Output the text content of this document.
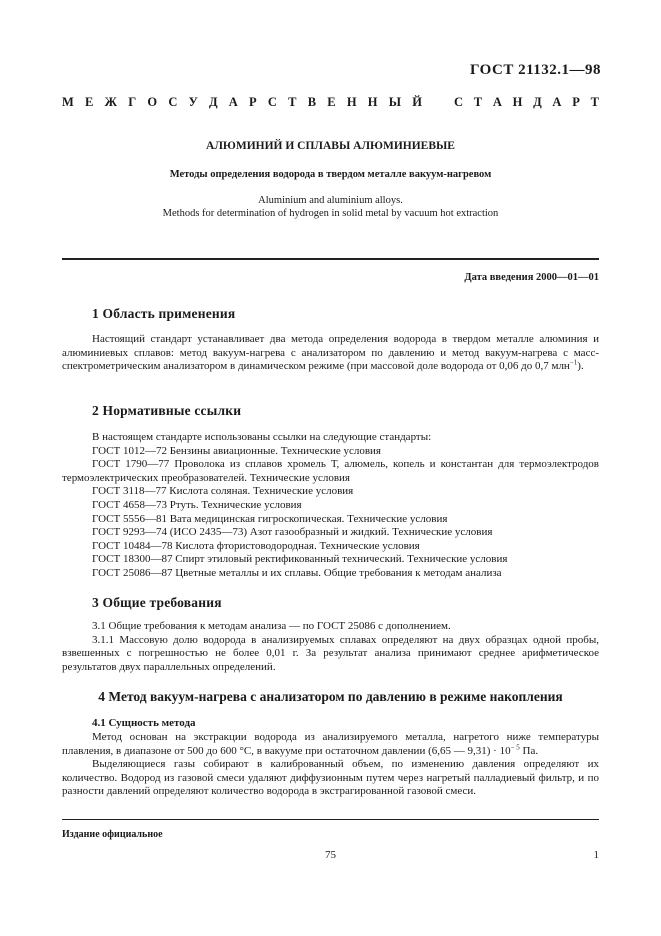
ГОСТ 21132.1—98
М Е Ж Г О С У Д А Р С Т В Е Н Н Ы Й	С Т А Н Д А Р Т
АЛЮМИНИЙ И СПЛАВЫ АЛЮМИНИЕВЫЕ
Методы определения водорода в твердом металле вакуум-нагревом
Aluminium and aluminium alloys.
Methods for determination of hydrogen in solid metal by vacuum hot extraction
Дата введения 2000—01—01
1 Область применения

Настоящий стандарт устанавливает два метода определения водорода в твердом металле алюминия и алюминиевых сплавов: метод вакуум-нагрева с анализатором по давлению и метод вакуум-нагрева с масс-спектрометрическим анализатором в динамическом режиме (при массовой доле водорода от 0,06 до 0,7 млн$^{-1}$).

2 Нормативные ссылки
В настоящем стандарте использованы ссылки на следующие стандарты:
ГОСТ 1012—72 Бензины авиационные. Технические условия
ГОСТ 1790—77 Проволока из сплавов хромель Т, алюмель, копель и константан для термоэлектродов термоэлектрических преобразователей. Технические условия
ГОСТ 3118—77 Кислота соляная. Технические условия
ГОСТ 4658—73 Ртуть. Технические условия
ГОСТ 5556—81 Вата медицинская гигроскопическая. Технические условия
ГОСТ 9293—74 (ИСО 2435—73) Азот газообразный и жидкий. Технические условия
ГОСТ 10484—78 Кислота фтористоводородная. Технические условия
ГОСТ 18300—87 Спирт этиловый ректификованный технический. Технические условия
ГОСТ 25086—87 Цветные металлы и их сплавы. Общие требования к методам анализа
3 Общие требования

3.1 Общие требования к методам анализа — по ГОСТ 25086 с дополнением.

3.1.1 Массовую долю водорода в анализируемых сплавах определяют на двух образцах одной пробы, взвешенных с погрешностью не более 0,01 г. За результат анализа принимают среднее арифметическое результатов двух параллельных определений.

4 Метод вакуум-нагрева с анализатором по давлению в режиме накопления
4.1 Сущность метода

Метод основан на экстракции водорода из анализируемого металла, нагретого ниже температуры плавления, в диапазоне от 500 до 600 °С, в вакууме при остаточном давлении (6,65 — $9,31) \cdot 10^{- 5}$ Па.

Выделяющиеся газы собирают в калиброванный объем, по изменению давления определяют их количество. Водород из газовой смеси удаляют диффузионным путем через нагретый палладиевый фильтр, и по разности давлений определяют количество водорода в экстрагированной газовой смеси.

Издание официальное
75	1
